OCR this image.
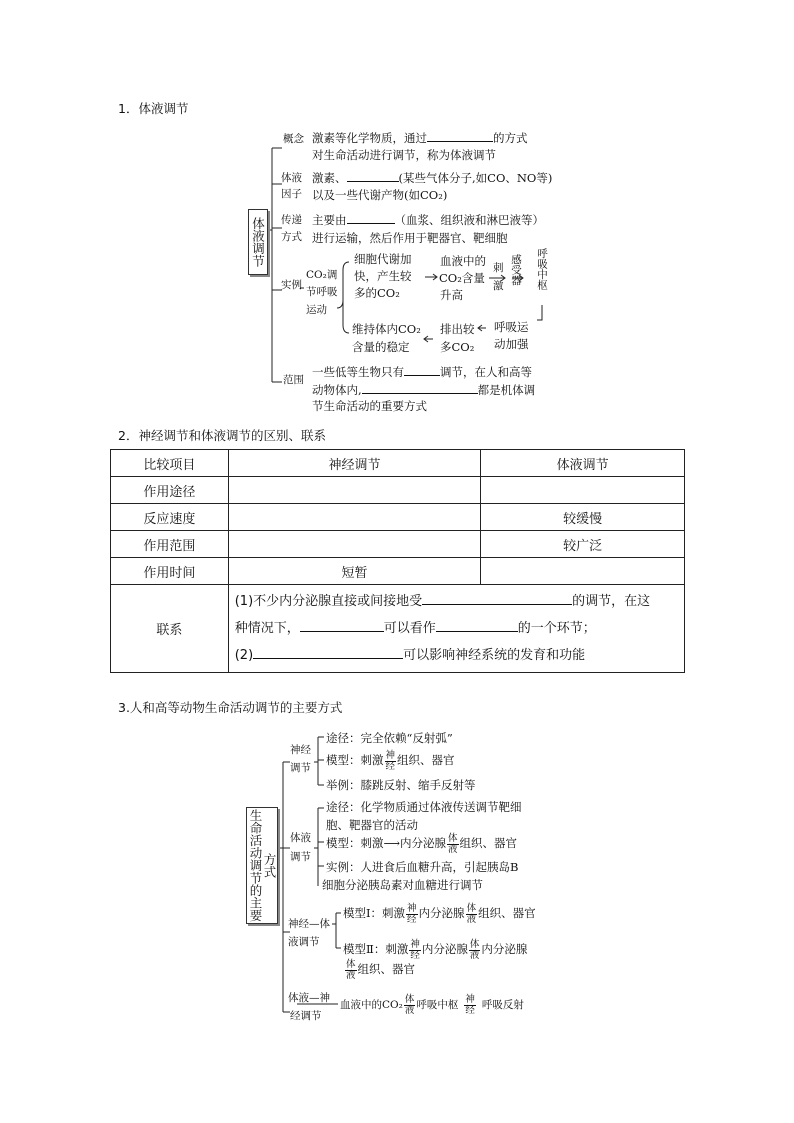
1．体液调节
体液调节
概念 激素等化学物质，通过	的方式
对生命活动进行调节，称为体液调节
体液
因子
激素、	(某些气体分子,如CO、NO等)
以及一些代谢产物(如CO₂)
传递
方式
主要由	（血浆、组织液和淋巴液等）
进行运输，然后作用于靶器官、靶细胞
实例
CO₂调
节呼吸
运动
细胞代谢加
快，产生较
多的CO₂
血液中的
CO₂含量
升高
刺
激
感受器 呼吸中枢
呼吸运
动加强
排出较
多CO₂
维持体内CO₂
含量的稳定
范围
一些低等生物只有	调节，在人和高等
动物体内,	都是机体调
节生命活动的重要方式
2．神经调节和体液调节的区别、联系
比较项目	神经调节	体液调节
作用途径		
反应速度		较缓慢
作用范围		较广泛
作用时间	短暂	
联系	(1)不少内分泌腺直接或间接地受 的调节，在这
种情况下， 可以看作 的一个环节；
(2) 可以影响神经系统的发育和功能	
3.人和高等动物生命活动调节的主要方式
生命活动调节的主要方式
神经
调节
途径：完全依赖“反射弧”
模型：刺激 $\frac{\text{神}}{\text{经}}$ 组织、器官
举例：膝跳反射、缩手反射等
体液
调节
途径：化学物质通过体液传送调节靶细
胞、靶器官的活动
模型：刺激⟶内分泌腺 $\frac{\text{体}}{\text{液}}$ 组织、器官
实例：人进食后血糖升高，引起胰岛B
细胞分泌胰岛素对血糖进行调节
神经—体
液调节
模型Ⅰ：刺激 $\frac{\text{神}}{\text{经}}$ 内分泌腺 $\frac{\text{体}}{\text{液}}$ 组织、器官
模型Ⅱ：刺激 $\frac{\text{神}}{\text{经}}$ 内分泌腺 $\frac{\text{体}}{\text{液}}$ 内分泌腺
$\frac{\text{体}}{\text{液}}$ 组织、器官
体液—神
经调节
血液中的$CO_2 \frac{\text{体}}{\text{液}}$ 呼吸中枢 $\frac{\text{神}}{\text{经}}$ 呼吸反射
